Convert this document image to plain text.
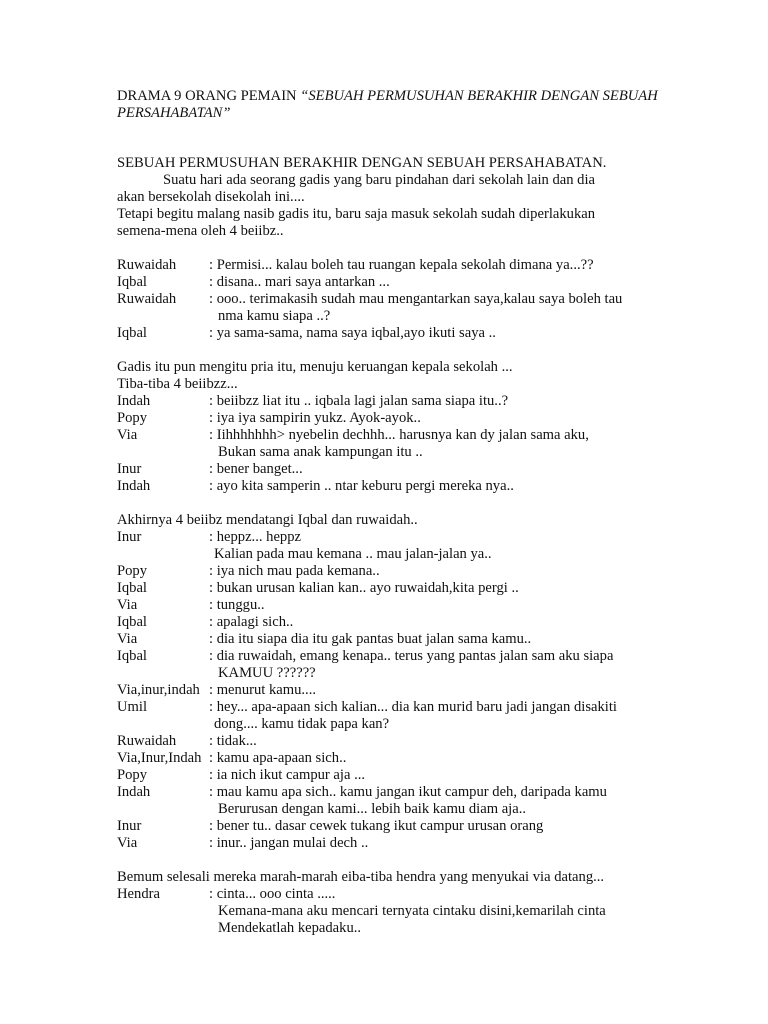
DRAMA 9 ORANG PEMAIN “SEBUAH PERMUSUHAN BERAKHIR DENGAN SEBUAH PERSAHABATAN”
SEBUAH PERMUSUHAN BERAKHIR DENGAN SEBUAH PERSAHABATAN.
Suatu hari ada seorang gadis yang baru pindahan dari sekolah lain dan dia
akan bersekolah disekolah ini....
Tetapi begitu malang nasib gadis itu, baru saja masuk sekolah sudah diperlakukan
semena-mena oleh 4 beiibz..
Ruwaidah : Permisi... kalau boleh tau ruangan kepala sekolah dimana ya...??
Iqbal	: disana.. mari saya antarkan ...
Ruwaidah : ooo.. terimakasih sudah mau mengantarkan saya,kalau saya boleh tau
nma kamu siapa ..?
Iqbal	: ya sama-sama, nama saya iqbal,ayo ikuti saya ..
Gadis itu pun mengitu pria itu, menuju keruangan kepala sekolah ...
Tiba-tiba 4 beiibzz...
Indah	: beiibzz liat itu .. iqbala lagi jalan sama siapa itu..?
Popy	: iya iya sampirin yukz. Ayok-ayok..
Via	: Iihhhhhhh> nyebelin dechhh... harusnya kan dy jalan sama aku,
Bukan sama anak kampungan itu ..
Inur	: bener banget...
Indah	: ayo kita samperin .. ntar keburu pergi mereka nya..
Akhirnya 4 beiibz mendatangi Iqbal dan ruwaidah..
Inur	: heppz... heppz
Kalian pada mau kemana .. mau jalan-jalan ya..
Popy	: iya nich mau pada kemana..
Iqbal	: bukan urusan kalian kan.. ayo ruwaidah,kita pergi ..
Via	: tunggu..
Iqbal	: apalagi sich..
Via	: dia itu siapa dia itu gak pantas buat jalan sama kamu..
Iqbal	: dia ruwaidah, emang kenapa.. terus yang pantas jalan sam aku siapa
KAMUU ??????
Via,inur,indah : menurut kamu....
Umil	: hey... apa-apaan sich kalian... dia kan murid baru jadi jangan disakiti
dong.... kamu tidak papa kan?
Ruwaidah : tidak...
Via,Inur,Indah : kamu apa-apaan sich..
Popy	: ia nich ikut campur aja ...
Indah	: mau kamu apa sich.. kamu jangan ikut campur deh, daripada kamu
Berurusan dengan kami... lebih baik kamu diam aja..
Inur	: bener tu.. dasar cewek tukang ikut campur urusan orang
Via	: inur.. jangan mulai dech ..
Bemum selesali mereka marah-marah eiba-tiba hendra yang menyukai via datang...
Hendra	: cinta... ooo cinta .....
Kemana-mana aku mencari ternyata cintaku disini,kemarilah cinta
Mendekatlah kepadaku..
